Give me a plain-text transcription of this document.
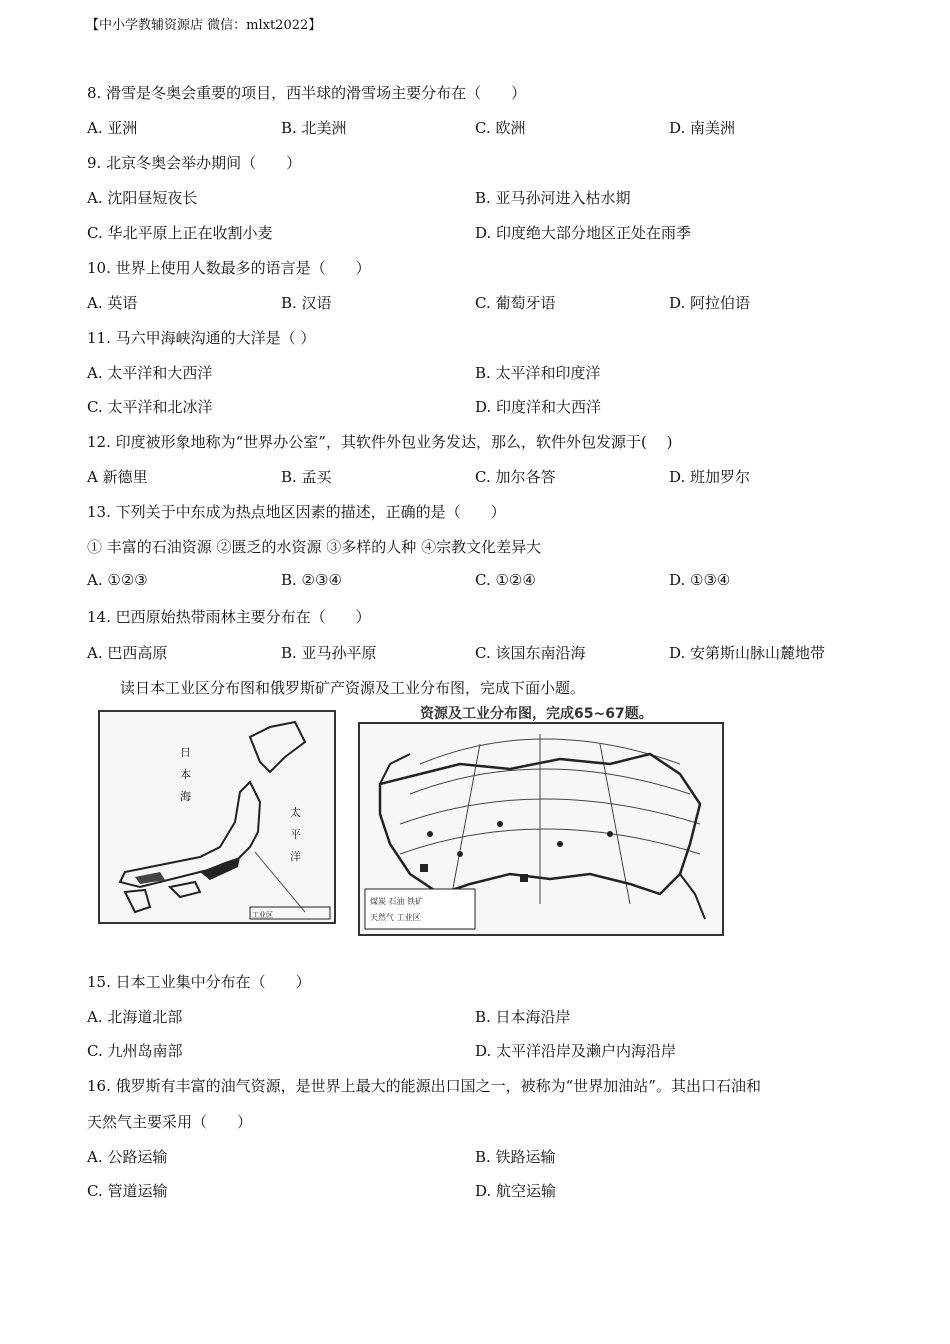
【中小学教辅资源店 微信：mlxt2022】
8. 滑雪是冬奥会重要的项目，西半球的滑雪场主要分布在（　　）
A. 亚洲	B. 北美洲	C. 欧洲	D. 南美洲
9. 北京冬奥会举办期间（　　）
A. 沈阳昼短夜长	B. 亚马孙河进入枯水期
C. 华北平原上正在收割小麦	D. 印度绝大部分地区正处在雨季
10. 世界上使用人数最多的语言是（　　）
A. 英语	B. 汉语	C. 葡萄牙语	D. 阿拉伯语
11. 马六甲海峡沟通的大洋是（ ）
A. 太平洋和大西洋	B. 太平洋和印度洋
C. 太平洋和北冰洋	D. 印度洋和大西洋
12. 印度被形象地称为“世界办公室”，其软件外包业务发达，那么，软件外包发源于(　 )
A 新德里	B. 孟买	C. 加尔各答	D. 班加罗尔
13. 下列关于中东成为热点地区因素的描述，正确的是（　　）
① 丰富的石油资源 ②匮乏的水资源 ③多样的人种 ④宗教文化差异大
A. ①②③	B. ②③④	C. ①②④	D. ①③④
14. 巴西原始热带雨林主要分布在（　　）
A. 巴西高原	B. 亚马孙平原	C. 该国东南沿海	D. 安第斯山脉山麓地带
读日本工业区分布图和俄罗斯矿产资源及工业分布图，完成下面小题。
工业区
日本海
太平洋
资源及工业分布图，完成65~67题。
煤炭 石油 铁矿
天然气 工业区
15. 日本工业集中分布在（　　）
A. 北海道北部	B. 日本海沿岸
C. 九州岛南部	D. 太平洋沿岸及濑户内海沿岸
16. 俄罗斯有丰富的油气资源，是世界上最大的能源出口国之一，被称为“世界加油站”。其出口石油和
天然气主要采用（　　）
A. 公路运输	B. 铁路运输
C. 管道运输	D. 航空运输
